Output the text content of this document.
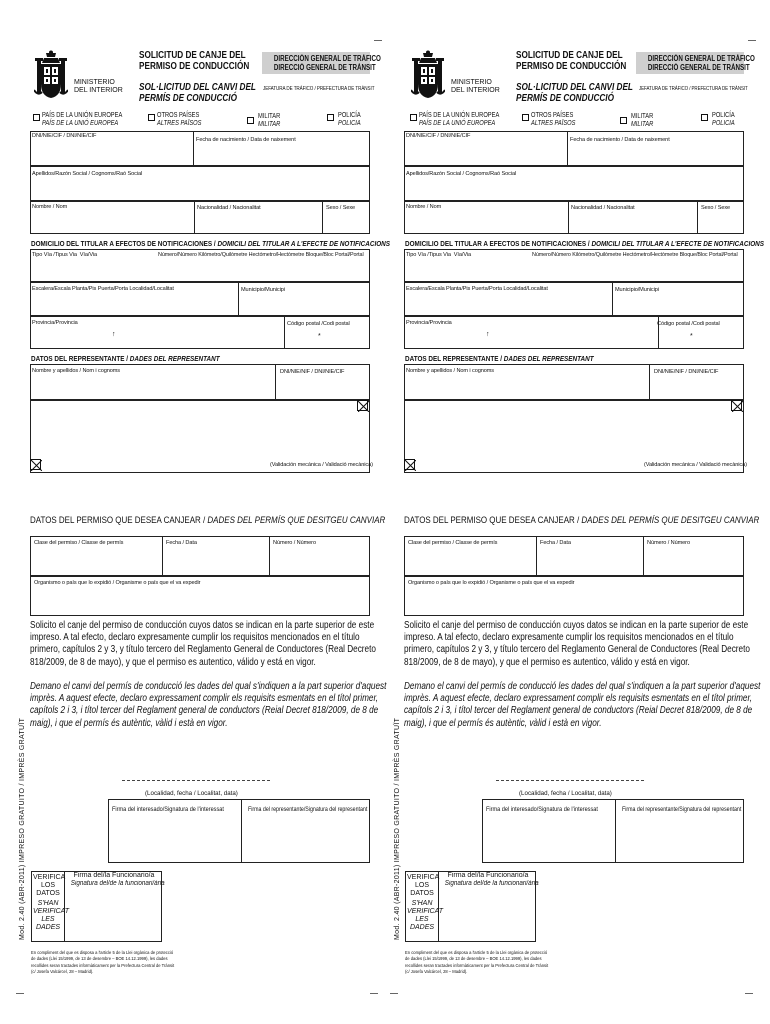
MINISTERIO
DEL INTERIOR
SOLICITUD DE CANJE DEL
PERMISO DE CONDUCCIÓN
SOL·LICITUD DEL CANVI DEL
PERMÍS DE CONDUCCIÓ
DIRECCIÓN GENERAL DE TRÁFICO
DIRECCIÓ GENERAL DE TRÀNSIT
JEFATURA DE TRÁFICO / PREFECTURA DE TRÀNSIT
PAÍS DE LA UNIÓN EUROPEA
PAÍS DE LA UNIÓ EUROPEA
OTROS PAÍSES
ALTRES PAÏSOS
MILITAR
MILITAR
POLICÍA
POLICIA
DNI/NIE/CIF / DNI/NIE/CIF
Fecha de nacimiento / Data de naixement
Apellidos/Razón Social / Cognoms/Raó Social
Nombre / Nom	Nacionalidad / Nacionalitat	Sexo / Sexe
DOMICILIO DEL TITULAR A EFECTOS DE NOTIFICACIONES / DOMICILI DEL TITULAR A L'EFECTE DE NOTIFICACIONS
Tipo Vía /Tipus Via Vía/Via	Número/Número Kilómetro/Quilòmetre Hectómetro/Hectòmetre Bloque/Bloc Portal/Portal
Escalera/Escala Planta/Pis Puerta/Porta Localidad/Localitat	Municipio/Municipi
Provincia/Provincia	Código postal /Codi postal
↑	*
DATOS DEL REPRESENTANTE / DADES DEL REPRESENTANT
Nombre y apellidos / Nom i cognoms	DNI/NIE/NIF / DNI/NIE/CIF
(Validación mecánica / Validació mecànica)
DATOS DEL PERMISO QUE DESEA CANJEAR / DADES DEL PERMÍS QUE DESITGEU CANVIAR
Clase del permiso / Classe de permís	Fecha / Data	Número / Número
Organismo o país que lo expidió / Organisme o país que el va expedir
Solicito el canje del permiso de conducción cuyos datos se indican en la parte superior de este impreso. A tal efecto, declaro expresamente cumplir los requisitos mencionados en el título primero, capítulos 2 y 3, y título tercero del Reglamento General de Conductores (Real Decreto 818/2009, de 8 de mayo), y que el permiso es autentico, válido y está en vigor.
Demano el canvi del permís de conducció les dades del qual s'indiquen a la part superior d'aquest imprès. A aquest efecte, declaro expressament complir els requisits esmentats en el títol primer, capítols 2 i 3, i títol tercer del Reglament general de conductors (Reial Decret 818/2009, de 8 de maig), i que el permís és autèntic, vàlid i està en vigor.
(Localidad, fecha / Localitat, data)
Firma del interesado/Signatura de l'interessat	Firma del representante/Signatura del representant
VERIFICA
LOS
DATOS
S'HAN
VERIFICAT
LES DADES
Firma del/la Funcionario/a
Signatura del/de la funcionari/ària
En compliment del que es disposa a l'article 5 de la Llei orgànica de protecció
de dades (Llei 15/1999, de 13 de desembre – BOE 14.12.1999), les dades
recollides seran tractades informàticament per la Prefectura Central de Trànsit
(c/ Josefa Valcárcel, 28 – Madrid).
Mod. 2.40 (ABR-2011) IMPRESO GRATUITO / IMPRÈS GRATUÏT
MINISTERIO
DEL INTERIOR
SOLICITUD DE CANJE DEL
PERMISO DE CONDUCCIÓN
SOL·LICITUD DEL CANVI DEL
PERMÍS DE CONDUCCIÓ
DIRECCIÓN GENERAL DE TRÁFICO
DIRECCIÓ GENERAL DE TRÀNSIT
JEFATURA DE TRÁFICO / PREFECTURA DE TRÀNSIT
PAÍS DE LA UNIÓN EUROPEA
PAÍS DE LA UNIÓ EUROPEA
OTROS PAÍSES
ALTRES PAÏSOS
MILITAR
MILITAR
POLICÍA
POLICIA
DNI/NIE/CIF / DNI/NIE/CIF
Fecha de nacimiento / Data de naixement
Apellidos/Razón Social / Cognoms/Raó Social
Nombre / Nom	Nacionalidad / Nacionalitat	Sexo / Sexe
DOMICILIO DEL TITULAR A EFECTOS DE NOTIFICACIONES / DOMICILI DEL TITULAR A L'EFECTE DE NOTIFICACIONS
Tipo Vía /Tipus Via Vía/Via	Número/Número Kilómetro/Quilòmetre Hectómetro/Hectòmetre Bloque/Bloc Portal/Portal
Escalera/Escala Planta/Pis Puerta/Porta Localidad/Localitat	Municipio/Municipi
Provincia/Provincia	Código postal /Codi postal
↑	*
DATOS DEL REPRESENTANTE / DADES DEL REPRESENTANT
Nombre y apellidos / Nom i cognoms	DNI/NIE/NIF / DNI/NIE/CIF
(Validación mecánica / Validació mecànica)
DATOS DEL PERMISO QUE DESEA CANJEAR / DADES DEL PERMÍS QUE DESITGEU CANVIAR
Clase del permiso / Classe de permís	Fecha / Data	Número / Número
Organismo o país que lo expidió / Organisme o país que el va expedir
Solicito el canje del permiso de conducción cuyos datos se indican en la parte superior de este impreso. A tal efecto, declaro expresamente cumplir los requisitos mencionados en el título primero, capítulos 2 y 3, y título tercero del Reglamento General de Conductores (Real Decreto 818/2009, de 8 de mayo), y que el permiso es autentico, válido y está en vigor.
Demano el canvi del permís de conducció les dades del qual s'indiquen a la part superior d'aquest imprès. A aquest efecte, declaro expressament complir els requisits esmentats en el títol primer, capítols 2 i 3, i títol tercer del Reglament general de conductors (Reial Decret 818/2009, de 8 de maig), i que el permís és autèntic, vàlid i està en vigor.
(Localidad, fecha / Localitat, data)
Firma del interesado/Signatura de l'interessat	Firma del representante/Signatura del representant
VERIFICA
LOS
DATOS
S'HAN
VERIFICAT
LES DADES
Firma del/la Funcionario/a
Signatura del/de la funcionari/ària
En compliment del que es disposa a l'article 5 de la Llei orgànica de protecció
de dades (Llei 15/1999, de 13 de desembre – BOE 14.12.1999), les dades
recollides seran tractades informàticament per la Prefectura Central de Trànsit
(c/ Josefa Valcárcel, 28 – Madrid).
Mod. 2.40 (ABR-2011) IMPRESO GRATUITO / IMPRÈS GRATUÏT
